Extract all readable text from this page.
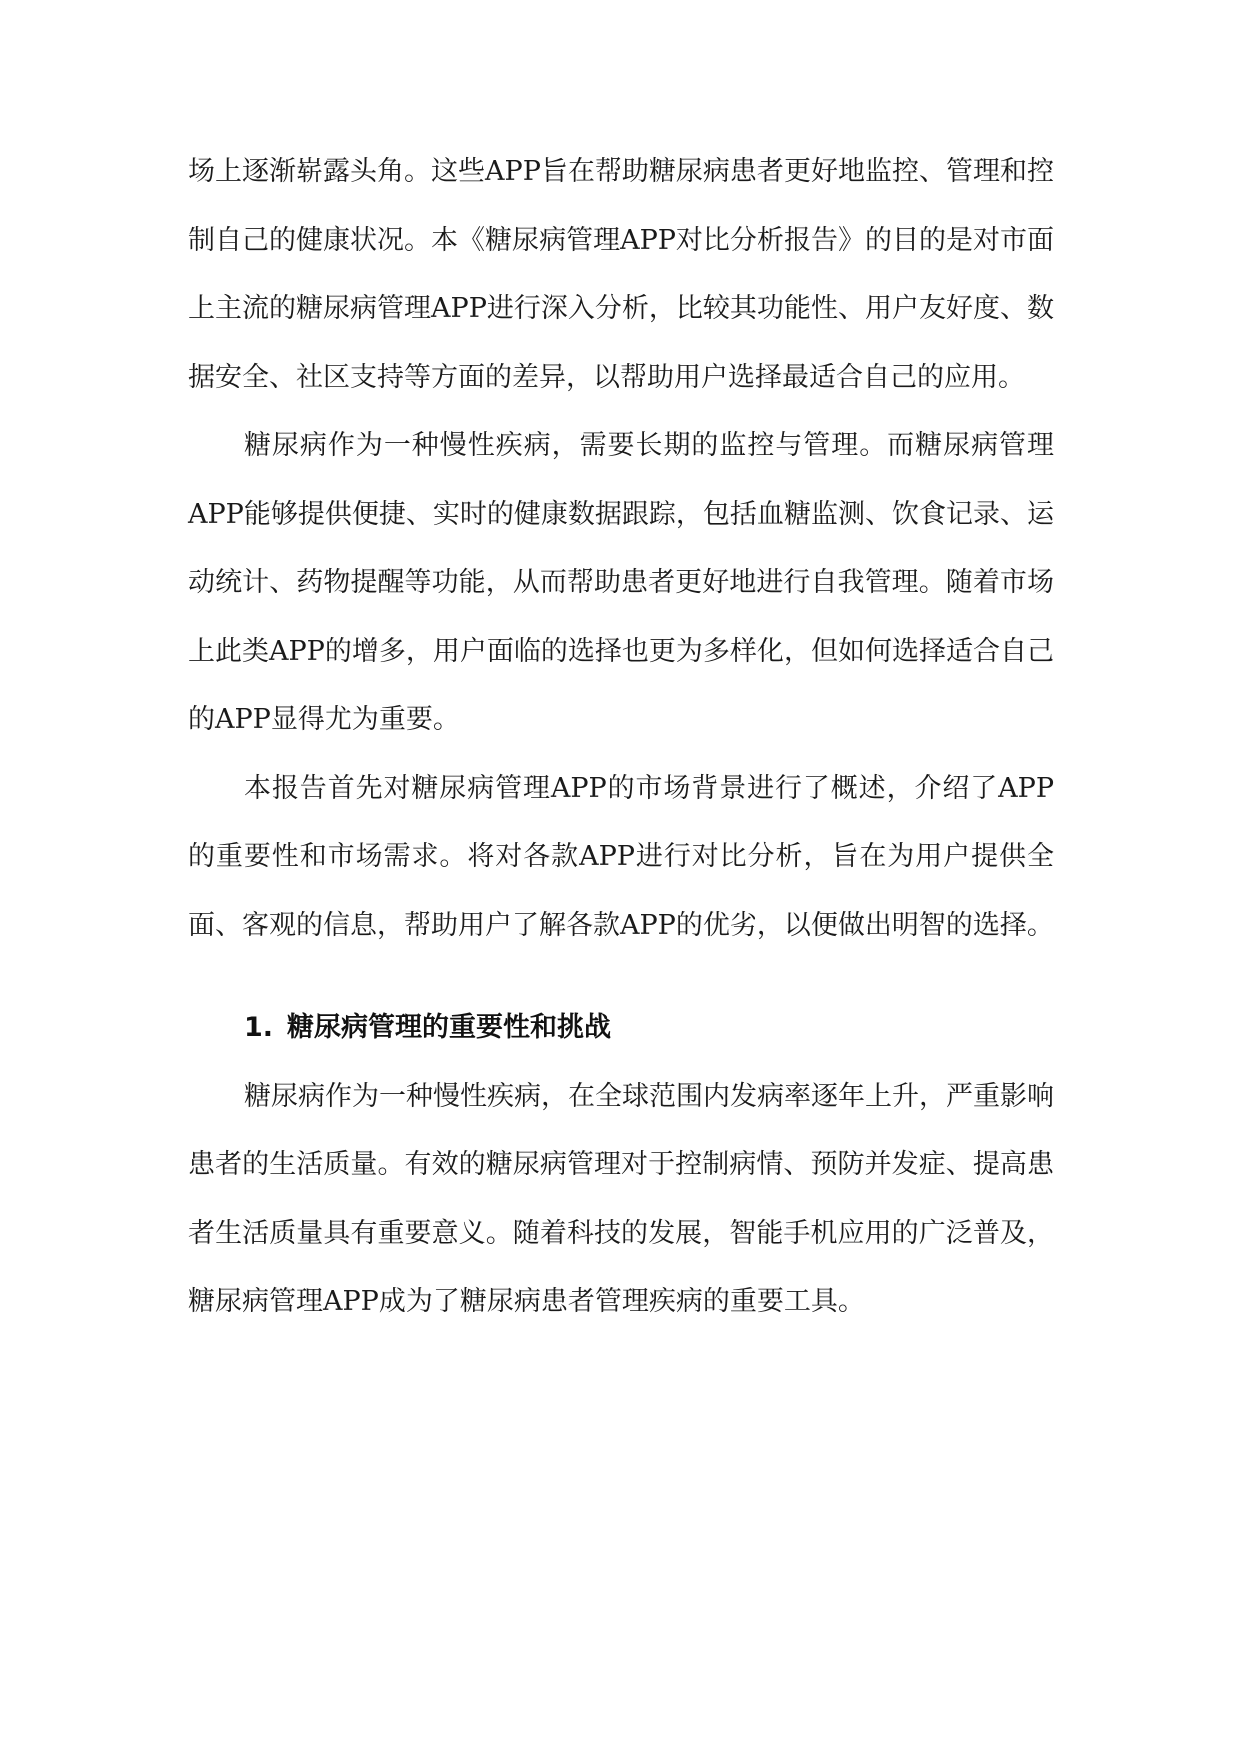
场上逐渐崭露头角。这些APP旨在帮助糖尿病患者更好地监控、管理和控制自己的健康状况。本《糖尿病管理APP对比分析报告》的目的是对市面上主流的糖尿病管理APP进行深入分析，比较其功能性、用户友好度、数据安全、社区支持等方面的差异，以帮助用户选择最适合自己的应用。

糖尿病作为一种慢性疾病，需要长期的监控与管理。而糖尿病管理APP能够提供便捷、实时的健康数据跟踪，包括血糖监测、饮食记录、运动统计、药物提醒等功能，从而帮助患者更好地进行自我管理。随着市场上此类APP的增多，用户面临的选择也更为多样化，但如何选择适合自己的APP显得尤为重要。

本报告首先对糖尿病管理APP的市场背景进行了概述，介绍了APP的重要性和市场需求。将对各款APP进行对比分析，旨在为用户提供全面、客观的信息，帮助用户了解各款APP的优劣，以便做出明智的选择。

1. 糖尿病管理的重要性和挑战

糖尿病作为一种慢性疾病，在全球范围内发病率逐年上升，严重影响患者的生活质量。有效的糖尿病管理对于控制病情、预防并发症、提高患者生活质量具有重要意义。随着科技的发展，智能手机应用的广泛普及，糖尿病管理APP成为了糖尿病患者管理疾病的重要工具。
